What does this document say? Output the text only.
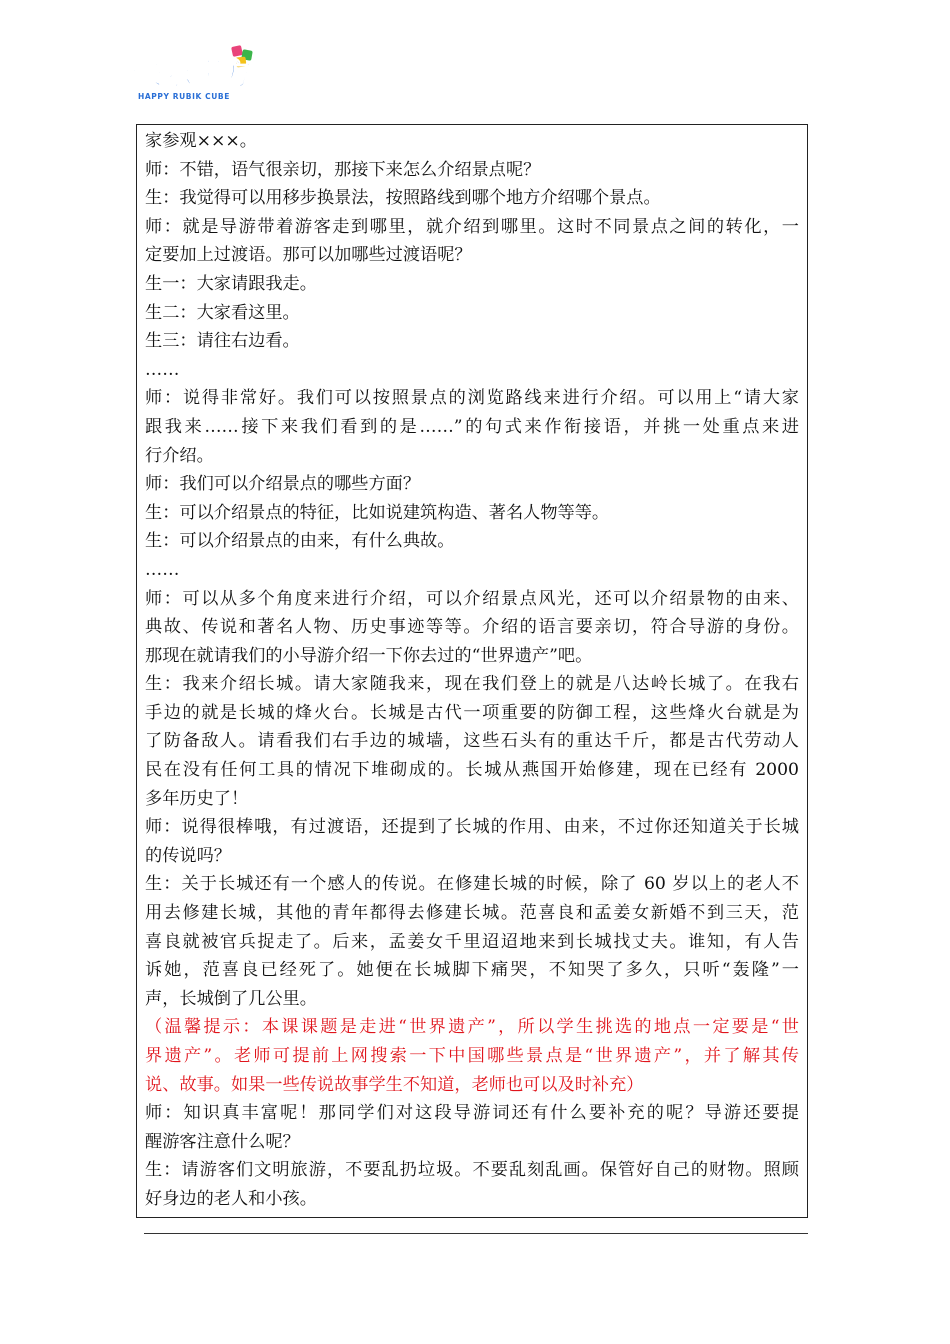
快乐魔方
HAPPY RUBIK CUBE
家参观×××。
师：不错，语气很亲切，那接下来怎么介绍景点呢？
生：我觉得可以用移步换景法，按照路线到哪个地方介绍哪个景点。
师：就是导游带着游客走到哪里，就介绍到哪里。这时不同景点之间的转化，一
定要加上过渡语。那可以加哪些过渡语呢？
生一：大家请跟我走。
生二：大家看这里。
生三：请往右边看。
……
师：说得非常好。我们可以按照景点的浏览路线来进行介绍。可以用上“请大家
跟我来……接下来我们看到的是……”的句式来作衔接语，并挑一处重点来进
行介绍。
师：我们可以介绍景点的哪些方面？
生：可以介绍景点的特征，比如说建筑构造、著名人物等等。
生：可以介绍景点的由来，有什么典故。
……
师：可以从多个角度来进行介绍，可以介绍景点风光，还可以介绍景物的由来、
典故、传说和著名人物、历史事迹等等。介绍的语言要亲切，符合导游的身份。
那现在就请我们的小导游介绍一下你去过的“世界遗产”吧。
生：我来介绍长城。请大家随我来，现在我们登上的就是八达岭长城了。在我右
手边的就是长城的烽火台。长城是古代一项重要的防御工程，这些烽火台就是为
了防备敌人。请看我们右手边的城墙，这些石头有的重达千斤，都是古代劳动人
民在没有任何工具的情况下堆砌成的。长城从燕国开始修建，现在已经有 2000
多年历史了！
师：说得很棒哦，有过渡语，还提到了长城的作用、由来，不过你还知道关于长城
的传说吗？
生：关于长城还有一个感人的传说。在修建长城的时候，除了 60 岁以上的老人不
用去修建长城，其他的青年都得去修建长城。范喜良和孟姜女新婚不到三天，范
喜良就被官兵捉走了。后来，孟姜女千里迢迢地来到长城找丈夫。谁知，有人告
诉她，范喜良已经死了。她便在长城脚下痛哭，不知哭了多久，只听“轰隆”一
声，长城倒了几公里。
（温馨提示：本课课题是走进“世界遗产”，所以学生挑选的地点一定要是“世
界遗产”。老师可提前上网搜索一下中国哪些景点是“世界遗产”，并了解其传
说、故事。如果一些传说故事学生不知道，老师也可以及时补充）
师：知识真丰富呢！那同学们对这段导游词还有什么要补充的呢？导游还要提
醒游客注意什么呢？
生：请游客们文明旅游，不要乱扔垃圾。不要乱刻乱画。保管好自己的财物。照顾
好身边的老人和小孩。
